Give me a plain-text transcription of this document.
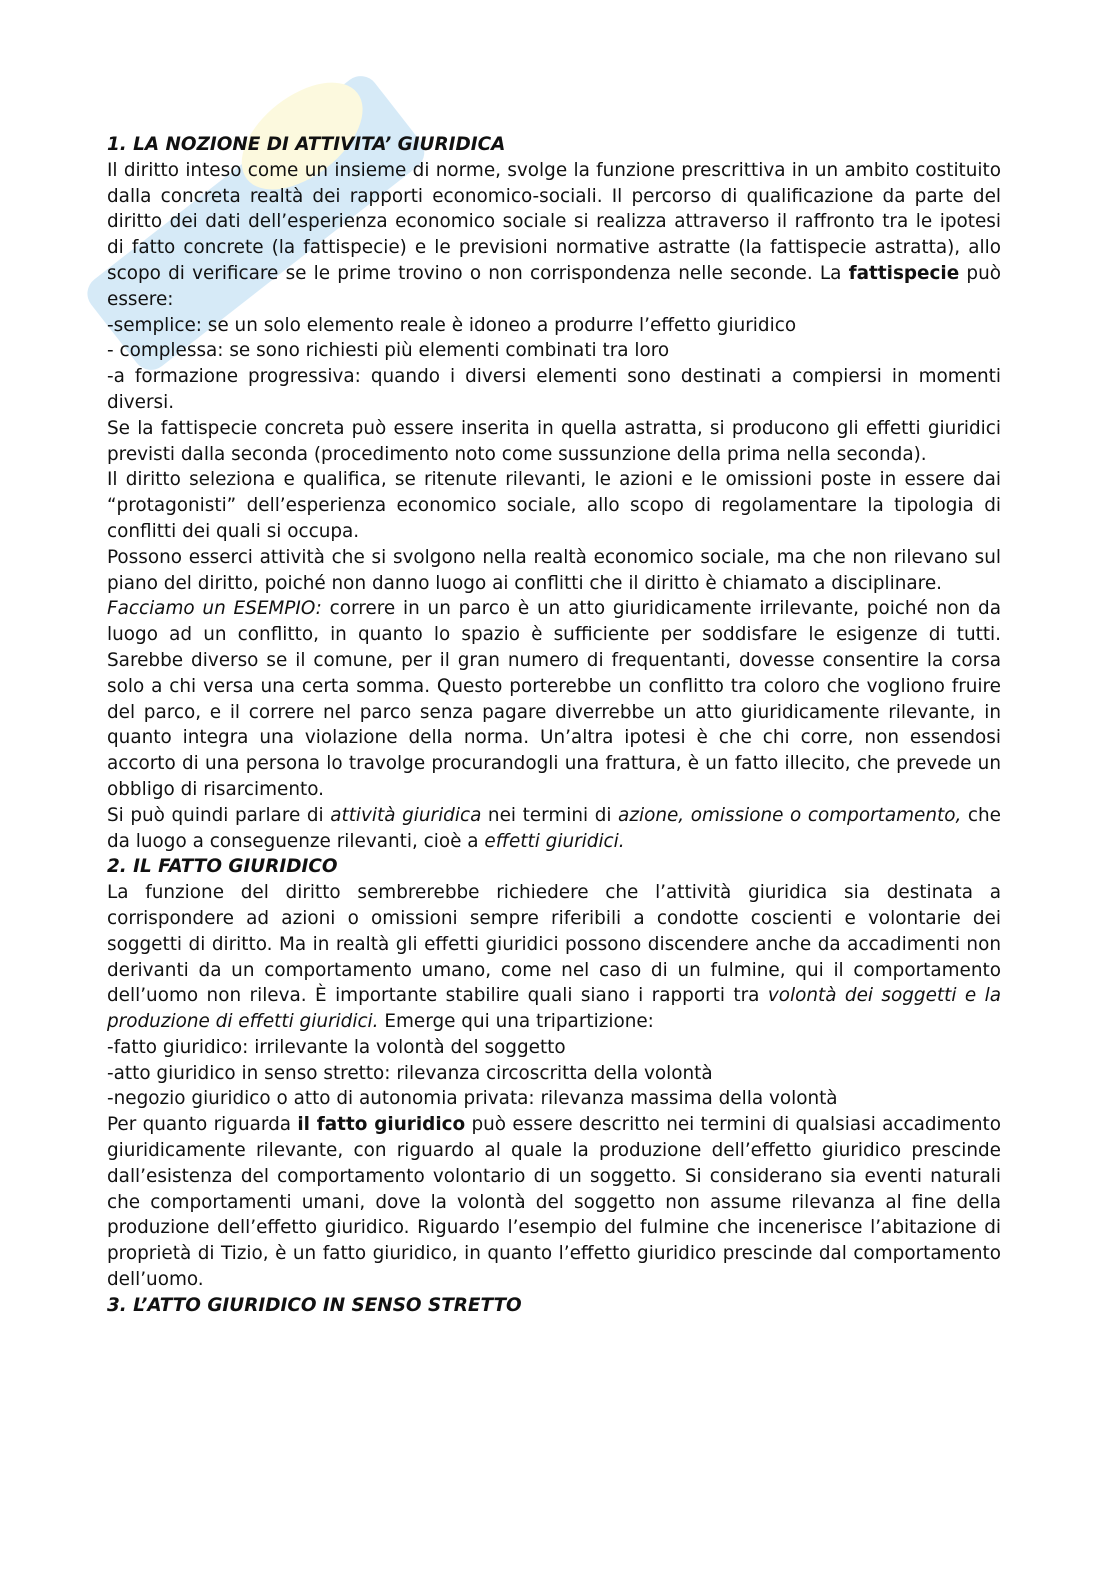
1. LA NOZIONE DI ATTIVITA’ GIURIDICA

Il diritto inteso come un insieme di norme, svolge la funzione prescrittiva in un ambito costituito dalla concreta realtà dei rapporti economico-sociali. Il percorso di qualificazione da parte del diritto dei dati dell’esperienza economico sociale si realizza attraverso il raffronto tra le ipotesi di fatto concrete (la fattispecie) e le previsioni normative astratte (la fattispecie astratta), allo scopo di verificare se le prime trovino o non corrispondenza nelle seconde. La fattispecie può essere:

-semplice: se un solo elemento reale è idoneo a produrre l’effetto giuridico

- complessa: se sono richiesti più elementi combinati tra loro

-a formazione progressiva: quando i diversi elementi sono destinati a compiersi in momenti diversi.

Se la fattispecie concreta può essere inserita in quella astratta, si producono gli effetti giuridici previsti dalla seconda (procedimento noto come sussunzione della prima nella seconda).

Il diritto seleziona e qualifica, se ritenute rilevanti, le azioni e le omissioni poste in essere dai “protagonisti” dell’esperienza economico sociale, allo scopo di regolamentare la tipologia di conflitti dei quali si occupa.

Possono esserci attività che si svolgono nella realtà economico sociale, ma che non rilevano sul piano del diritto, poiché non danno luogo ai conflitti che il diritto è chiamato a disciplinare.

Facciamo un ESEMPIO: correre in un parco è un atto giuridicamente irrilevante, poiché non da luogo ad un conflitto, in quanto lo spazio è sufficiente per soddisfare le esigenze di tutti. Sarebbe diverso se il comune, per il gran numero di frequentanti, dovesse consentire la corsa solo a chi versa una certa somma. Questo porterebbe un conflitto tra coloro che vogliono fruire del parco, e il correre nel parco senza pagare diverrebbe un atto giuridicamente rilevante, in quanto integra una violazione della norma. Un’altra ipotesi è che chi corre, non essendosi accorto di una persona lo travolge procurandogli una frattura, è un fatto illecito, che prevede un obbligo di risarcimento.

Si può quindi parlare di attività giuridica nei termini di azione, omissione o comportamento, che da luogo a conseguenze rilevanti, cioè a effetti giuridici.

2. IL FATTO GIURIDICO

La funzione del diritto sembrerebbe richiedere che l’attività giuridica sia destinata a corrispondere ad azioni o omissioni sempre riferibili a condotte coscienti e volontarie dei soggetti di diritto. Ma in realtà gli effetti giuridici possono discendere anche da accadimenti non derivanti da un comportamento umano, come nel caso di un fulmine, qui il comportamento dell’uomo non rileva. È importante stabilire quali siano i rapporti tra volontà dei soggetti e la produzione di effetti giuridici. Emerge qui una tripartizione:

-fatto giuridico: irrilevante la volontà del soggetto

-atto giuridico in senso stretto: rilevanza circoscritta della volontà

-negozio giuridico o atto di autonomia privata: rilevanza massima della volontà

Per quanto riguarda il fatto giuridico può essere descritto nei termini di qualsiasi accadimento giuridicamente rilevante, con riguardo al quale la produzione dell’effetto giuridico prescinde dall’esistenza del comportamento volontario di un soggetto. Si considerano sia eventi naturali che comportamenti umani, dove la volontà del soggetto non assume rilevanza al fine della produzione dell’effetto giuridico. Riguardo l’esempio del fulmine che incenerisce l’abitazione di proprietà di Tizio, è un fatto giuridico, in quanto l’effetto giuridico prescinde dal comportamento dell’uomo.

3. L’ATTO GIURIDICO IN SENSO STRETTO
